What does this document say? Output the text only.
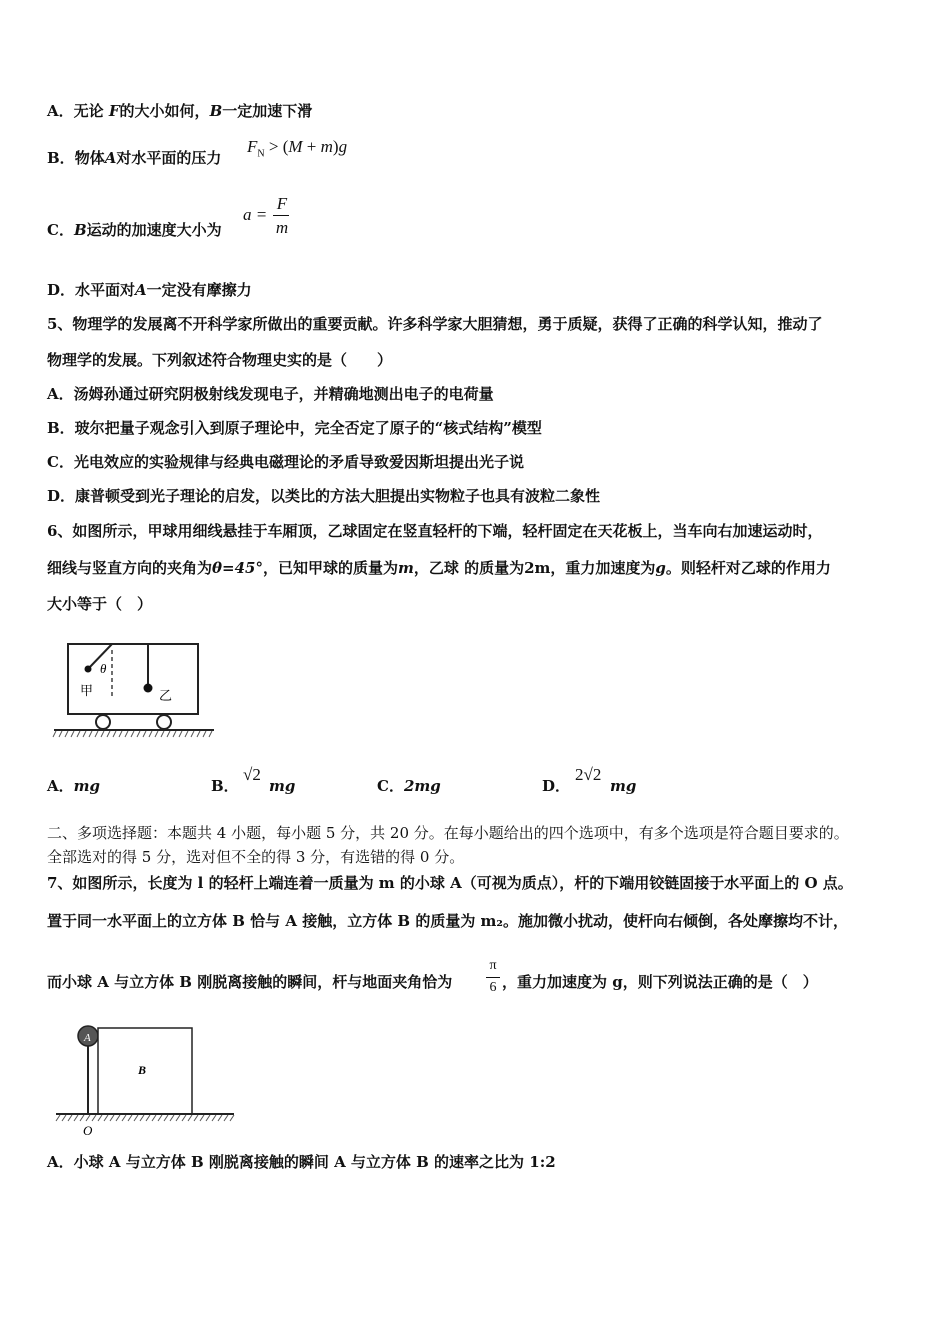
A．无论 F的大小如何，B一定加速下滑
B．物体A对水平面的压力
$F_N > (M + m)g$
C．B运动的加速度大小为
a =
F
m
D．水平面对A一定没有摩擦力
5、物理学的发展离不开科学家所做出的重要贡献。许多科学家大胆猜想，勇于质疑，获得了正确的科学认知，推动了
物理学的发展。下列叙述符合物理史实的是（　　）
A．汤姆孙通过研究阴极射线发现电子，并精确地测出电子的电荷量
B．玻尔把量子观念引入到原子理论中，完全否定了原子的“核式结构”模型
C．光电效应的实验规律与经典电磁理论的矛盾导致爱因斯坦提出光子说
D．康普顿受到光子理论的启发，以类比的方法大胆提出实物粒子也具有波粒二象性
6、如图所示，甲球用细线悬挂于车厢顶，乙球固定在竖直轻杆的下端，轻杆固定在天花板上，当车向右加速运动时，
细线与竖直方向的夹角为θ=45°，已知甲球的质量为m，乙球 的质量为2m，重力加速度为g。则轻杆对乙球的作用力
大小等于（　）
θ
甲	乙
A．mg	B．
√2
mg	C．2mg	D．
2√2
mg
二、多项选择题：本题共 4 小题，每小题 5 分，共 20 分。在每小题给出的四个选项中，有多个选项是符合题目要求的。
全部选对的得 5 分，选对但不全的得 3 分，有选错的得 0 分。
7、如图所示，长度为 l 的轻杆上端连着一质量为 m 的小球 A（可视为质点），杆的下端用铰链固接于水平面上的 O 点。
置于同一水平面上的立方体 B 恰与 A 接触，立方体 B 的质量为 m₂。施加微小扰动，使杆向右倾倒，各处摩擦均不计，
而小球 A 与立方体 B 刚脱离接触的瞬间，杆与地面夹角恰为
π
6 ，重力加速度为 g，则下列说法正确的是（　）
A
B
O
A．小球 A 与立方体 B 刚脱离接触的瞬间 A 与立方体 B 的速率之比为 1:2
